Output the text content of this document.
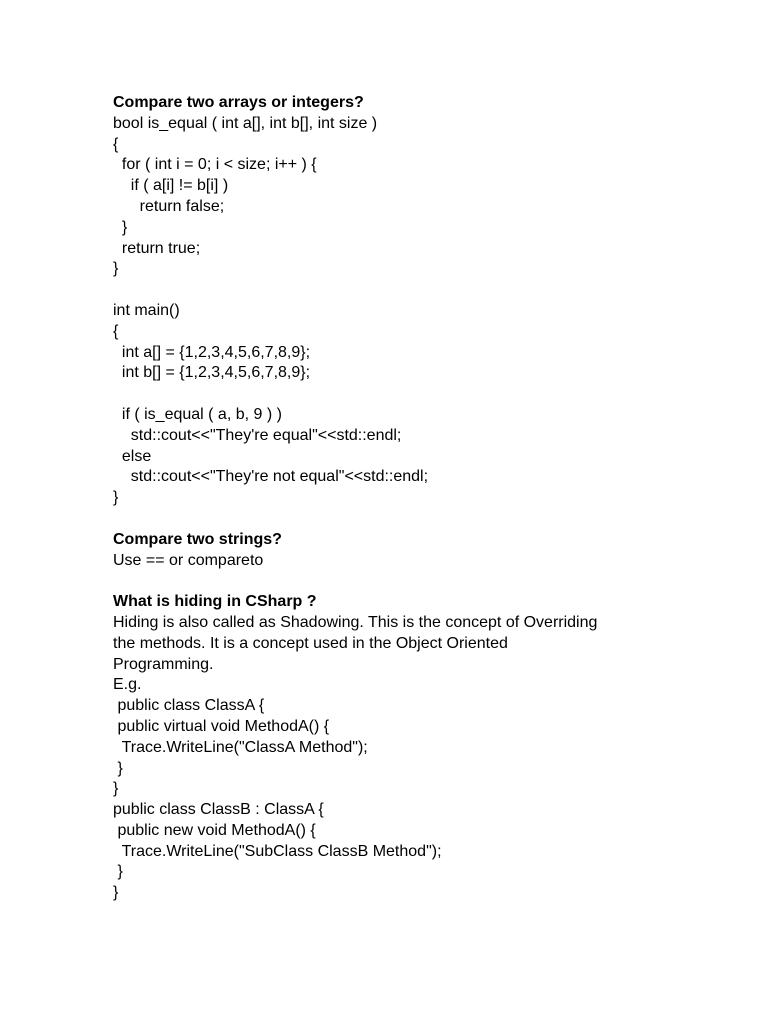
Compare two arrays or integers?
bool is_equal ( int a[], int b[], int size )
{
for ( int i = 0; i < size; i++ ) {
if ( a[i] != b[i] )
return false;
}
return true;
}
int main()
{
int a[] = {1,2,3,4,5,6,7,8,9};
int b[] = {1,2,3,4,5,6,7,8,9};
if ( is_equal ( a, b, 9 ) )
std::cout<<"They're equal"<<std::endl;
else
std::cout<<"They're not equal"<<std::endl;
}
Compare two strings?
Use == or compareto
What is hiding in CSharp ?
Hiding is also called as Shadowing. This is the concept of Overriding
the methods. It is a concept used in the Object Oriented
Programming.
E.g.
public class ClassA {
public virtual void MethodA() {
Trace.WriteLine("ClassA Method");
}
}
public class ClassB : ClassA {
public new void MethodA() {
Trace.WriteLine("SubClass ClassB Method");
}
}
